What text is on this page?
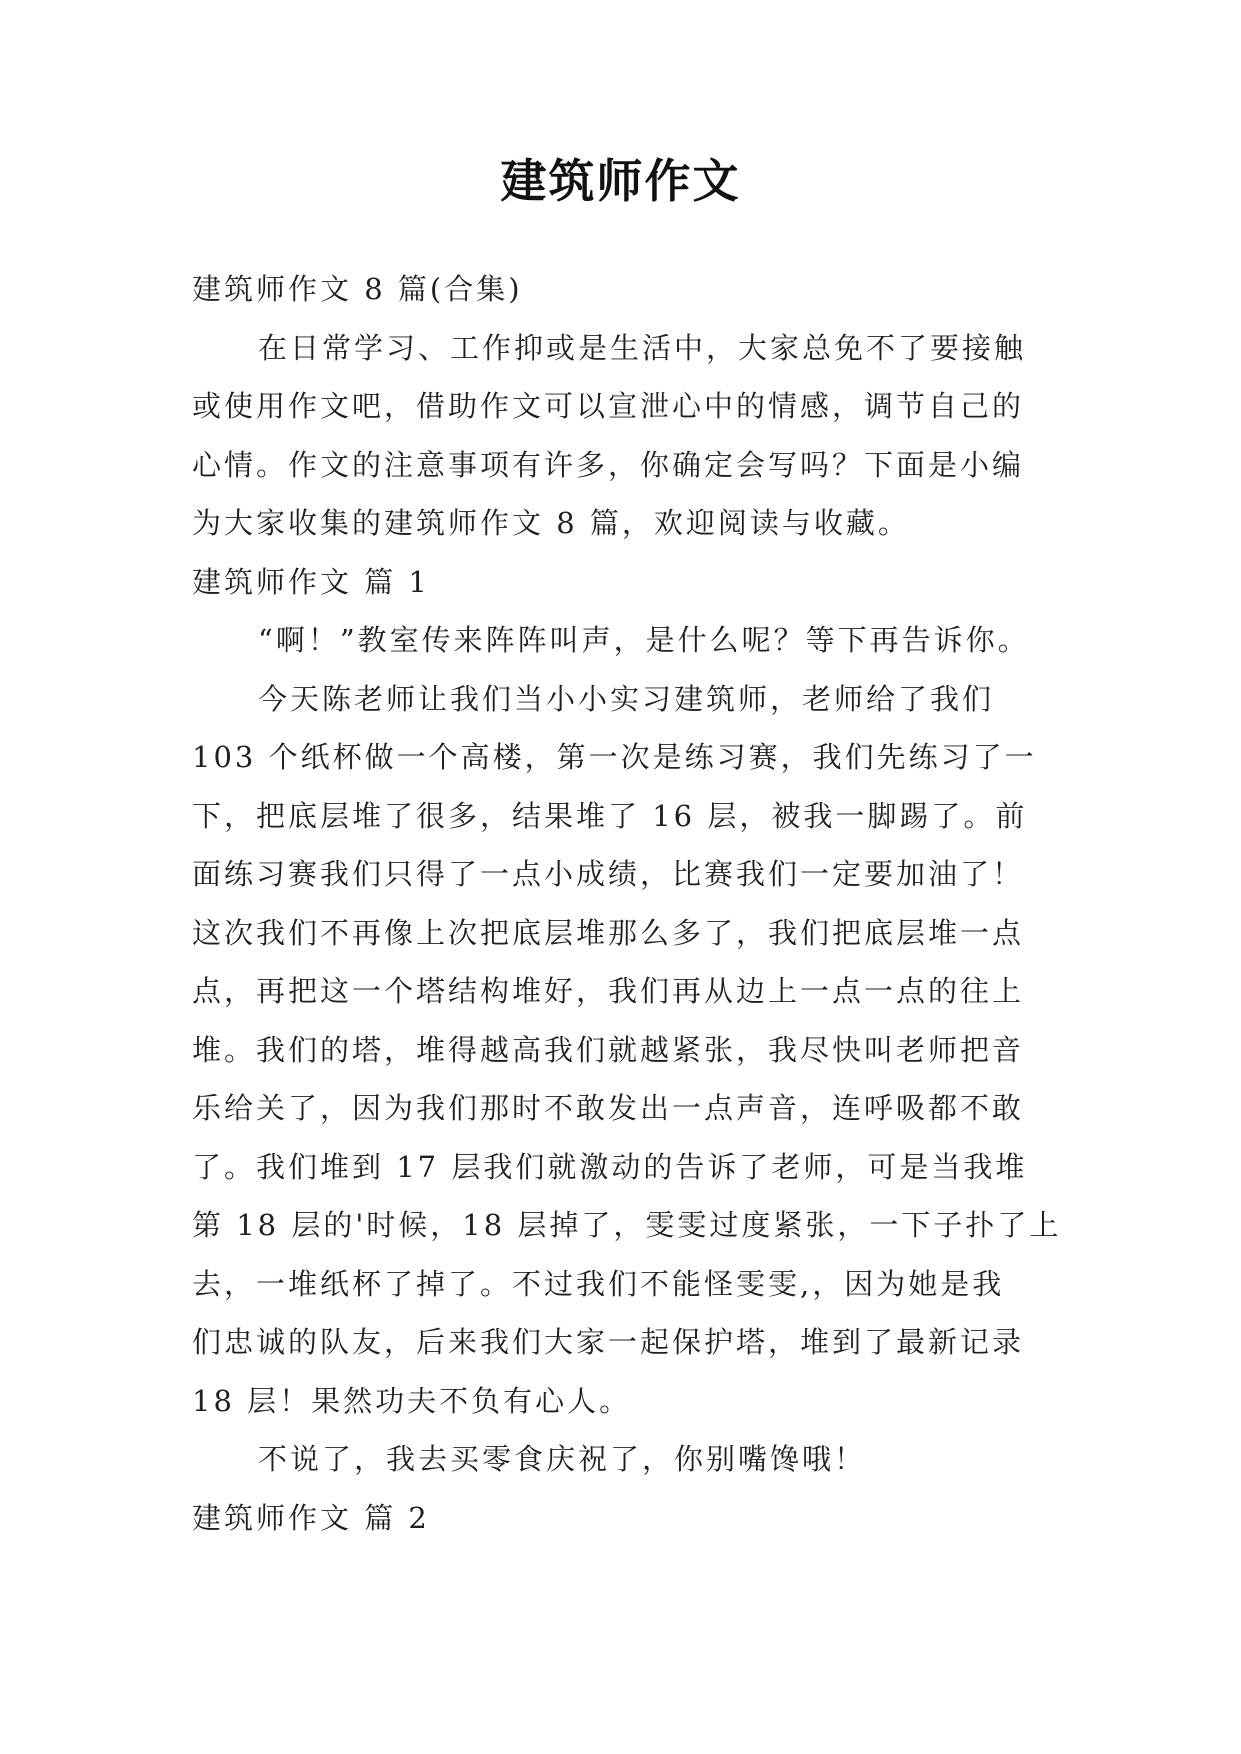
建筑师作文

建筑师作文 8 篇(合集)

在日常学习、工作抑或是生活中，大家总免不了要接触

或使用作文吧，借助作文可以宣泄心中的情感，调节自己的

心情。作文的注意事项有许多，你确定会写吗？下面是小编

为大家收集的建筑师作文 8 篇，欢迎阅读与收藏。

建筑师作文 篇 1

“啊！”教室传来阵阵叫声，是什么呢？等下再告诉你。

今天陈老师让我们当小小实习建筑师，老师给了我们

103 个纸杯做一个高楼，第一次是练习赛，我们先练习了一

下，把底层堆了很多，结果堆了 16 层，被我一脚踢了。前

面练习赛我们只得了一点小成绩，比赛我们一定要加油了！

这次我们不再像上次把底层堆那么多了，我们把底层堆一点

点，再把这一个塔结构堆好，我们再从边上一点一点的往上

堆。我们的塔，堆得越高我们就越紧张，我尽快叫老师把音

乐给关了，因为我们那时不敢发出一点声音，连呼吸都不敢

了。我们堆到 17 层我们就激动的告诉了老师，可是当我堆

第 18 层的'时候，18 层掉了，雯雯过度紧张，一下子扑了上

去，一堆纸杯了掉了。不过我们不能怪雯雯,，因为她是我

们忠诚的队友，后来我们大家一起保护塔，堆到了最新记录

18 层！果然功夫不负有心人。

不说了，我去买零食庆祝了，你别嘴馋哦！

建筑师作文 篇 2
